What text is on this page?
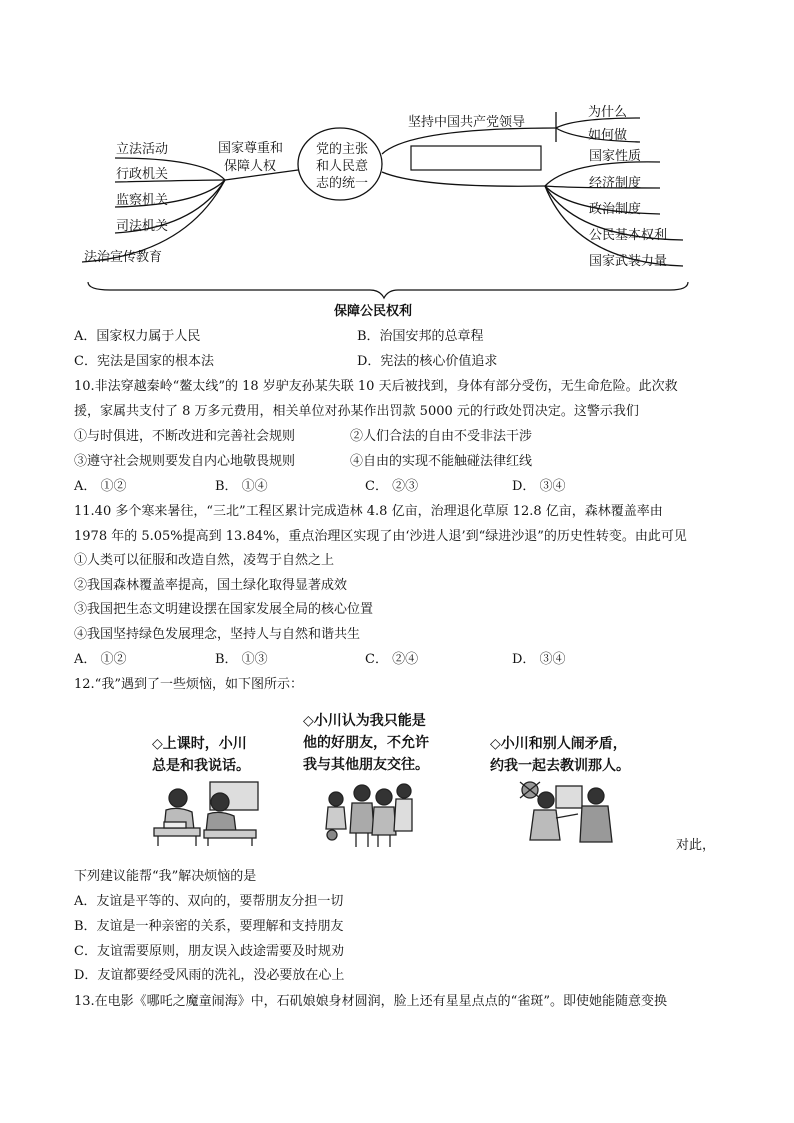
党的主张
和人民意
志的统一
国家尊重和
保障人权
立法活动
行政机关
监察机关
司法机关
法治宣传教育
坚持中国共产党领导
为什么
如何做
国家性质
经济制度
政治制度
公民基本权利
国家武装力量
保障公民权利
A．国家权力属于人民	B．治国安邦的总章程
C．宪法是国家的根本法	D．宪法的核心价值追求
10.非法穿越秦岭“鳌太线”的 18 岁驴友孙某失联 10 天后被找到，身体有部分受伤，无生命危险。此次救
援，家属共支付了 8 万多元费用，相关单位对孙某作出罚款 5000 元的行政处罚决定。这警示我们
①与时俱进，不断改进和完善社会规则	②人们合法的自由不受非法干涉
③遵守社会规则要发自内心地敬畏规则	④自由的实现不能触碰法律红线
A． ①②	B． ①④	C． ②③	D． ③④
11.40 多个寒来暑往，“三北”工程区累计完成造林 4.8 亿亩，治理退化草原 12.8 亿亩，森林覆盖率由
1978 年的 5.05%提高到 13.84%，重点治理区实现了由‘沙进人退’到“绿进沙退”的历史性转变。由此可见
①人类可以征服和改造自然，凌驾于自然之上
②我国森林覆盖率提高，国土绿化取得显著成效
③我国把生态文明建设摆在国家发展全局的核心位置
④我国坚持绿色发展理念，坚持人与自然和谐共生
A． ①②	B． ①③	C． ②④	D． ③④
12.“我”遇到了一些烦恼，如下图所示：
◇上课时，小川
总是和我说话。
◇小川认为我只能是
他的好朋友，不允许
我与其他朋友交往。
◇小川和别人闹矛盾，
约我一起去教训那人。
对此，
下列建议能帮“我”解决烦恼的是
A．友谊是平等的、双向的，要帮朋友分担一切
B．友谊是一种亲密的关系，要理解和支持朋友
C．友谊需要原则，朋友误入歧途需要及时规劝
D．友谊都要经受风雨的洗礼，没必要放在心上
13.在电影《哪吒之魔童闹海》中，石矶娘娘身材圆润，脸上还有星星点点的“雀斑”。即使她能随意变换
